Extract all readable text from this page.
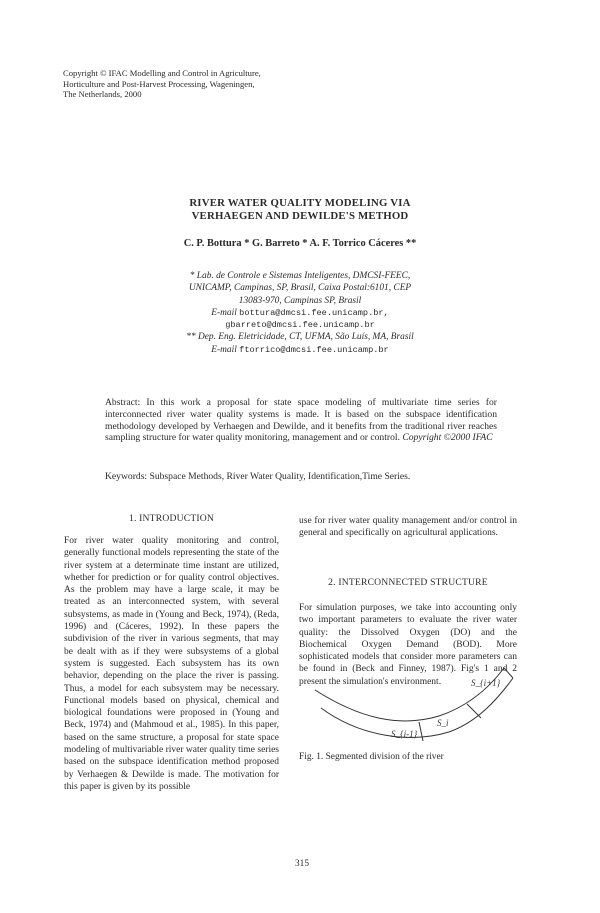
Copyright © IFAC Modelling and Control in Agriculture,
Horticulture and Post-Harvest Processing, Wageningen,
The Netherlands, 2000
RIVER WATER QUALITY MODELING VIA
VERHAEGEN AND DEWILDE'S METHOD
C. P. Bottura * G. Barreto * A. F. Torrico Cáceres **
* Lab. de Controle e Sistemas Inteligentes, DMCSI-FEEC,
UNICAMP, Campinas, SP, Brasil, Caixa Postal:6101, CEP
13083-970, Campinas SP, Brasil
E-mail bottura@dmcsi.fee.unicamp.br,
gbarreto@dmcsi.fee.unicamp.br
** Dep. Eng. Eletricidade, CT, UFMA, São Luís, MA, Brasil
E-mail ftorrico@dmcsi.fee.unicamp.br
Abstract: In this work a proposal for state space modeling of multivariate time series for interconnected river water quality systems is made. It is based on the subspace identification methodology developed by Verhaegen and Dewilde, and it benefits from the traditional river reaches sampling structure for water quality monitoring, management and or control. Copyright ©2000 IFAC
Keywords: Subspace Methods, River Water Quality, Identification,Time Series.
1. INTRODUCTION
For river water quality monitoring and control, generally functional models representing the state of the river system at a determinate time instant are utilized, whether for prediction or for quality control objectives. As the problem may have a large scale, it may be treated as an interconnected system, with several subsystems, as made in (Young and Beck, 1974), (Reda, 1996) and (Cáceres, 1992). In these papers the subdivision of the river in various segments, that may be dealt with as if they were subsystems of a global system is suggested. Each subsystem has its own behavior, depending on the place the river is passing. Thus, a model for each subsystem may be necessary. Functional models based on physical, chemical and biological foundations were proposed in (Young and Beck, 1974) and (Mahmoud et al., 1985). In this paper, based on the same structure, a proposal for state space modeling of multivariable river water quality time series based on the subspace identification method proposed by Verhaegen & Dewilde is made. The motivation for this paper is given by its possible
use for river water quality management and/or control in general and specifically on agricultural applications.
2. INTERCONNECTED STRUCTURE
For simulation purposes, we take into accounting only two important parameters to evaluate the river water quality: the Dissolved Oxygen (DO) and the Biochemical Oxygen Demand (BOD). More sophisticated models that consider more parameters can be found in (Beck and Finney, 1987). Fig's 1 and 2 present the simulation's environment.
S_{i-1}
S_i
S_{i+1}
Fig. 1. Segmented division of the river
315
